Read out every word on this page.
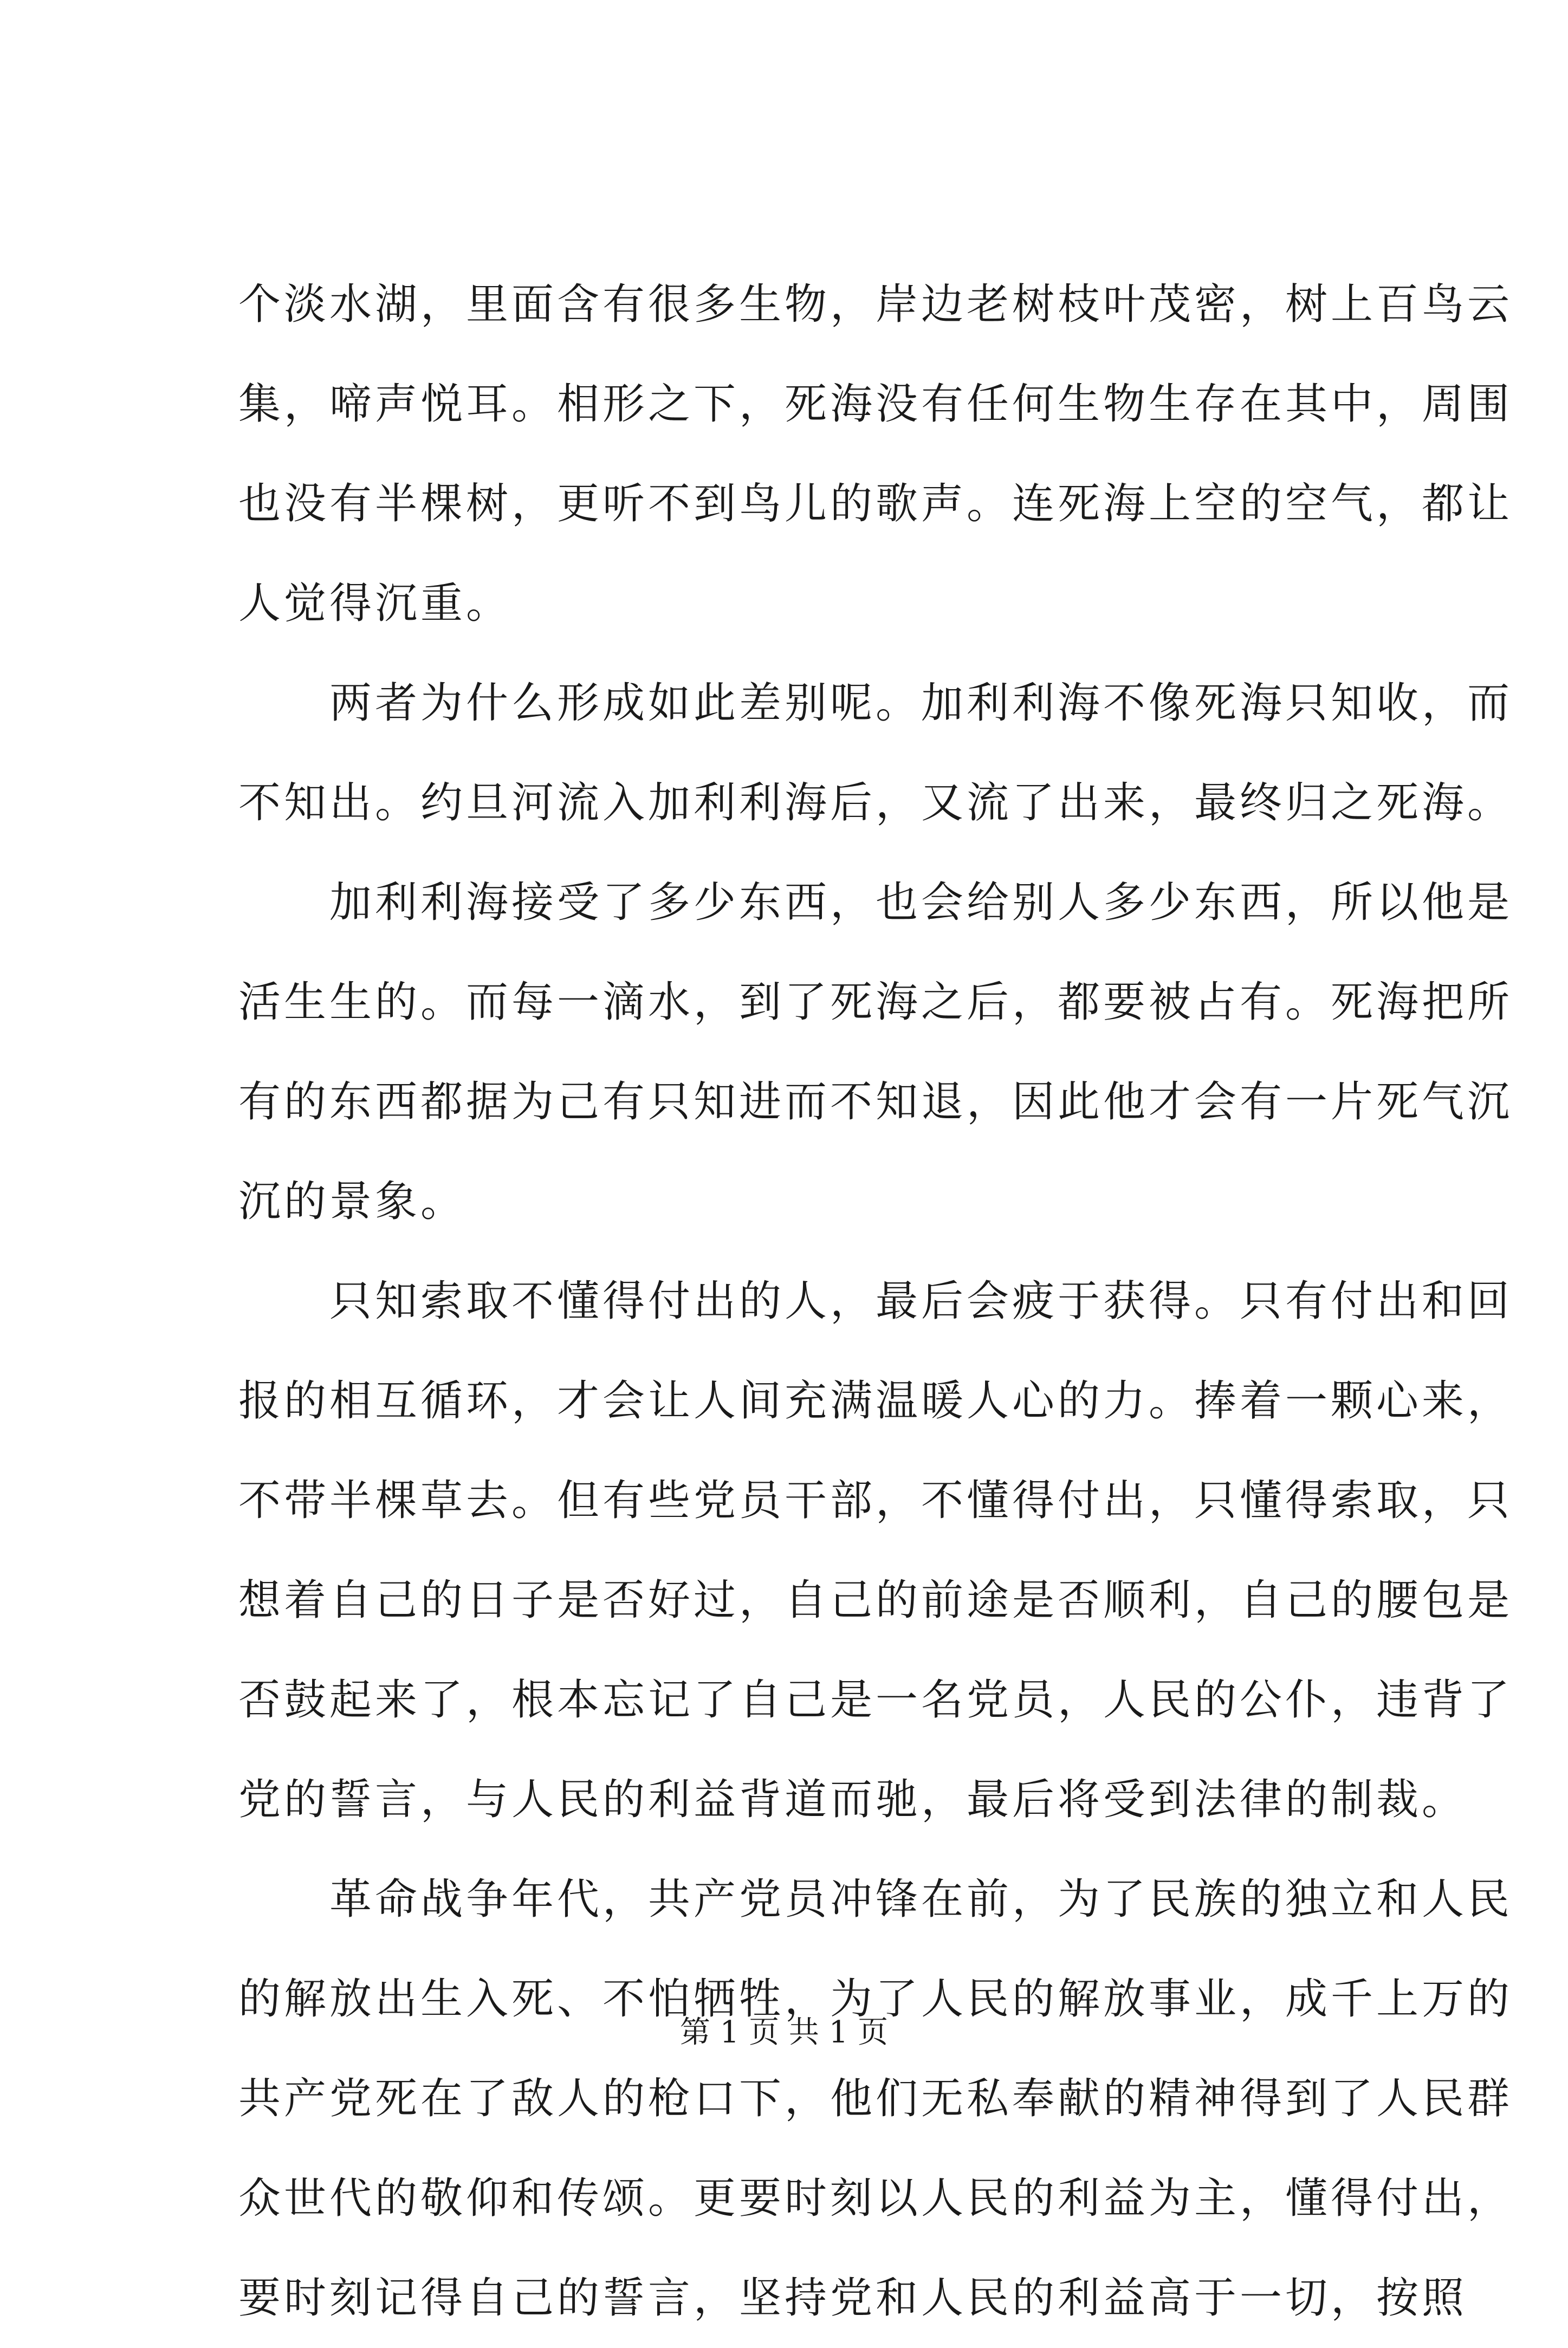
个淡水湖，里面含有很多生物，岸边老树枝叶茂密，树上百鸟云
集，啼声悦耳。相形之下，死海没有任何生物生存在其中，周围
也没有半棵树，更听不到鸟儿的歌声。连死海上空的空气，都让
人觉得沉重。
　　两者为什么形成如此差别呢。加利利海不像死海只知收，而
不知出。约旦河流入加利利海后，又流了出来，最终归之死海。
　　加利利海接受了多少东西，也会给别人多少东西，所以他是
活生生的。而每一滴水，到了死海之后，都要被占有。死海把所
有的东西都据为己有只知进而不知退，因此他才会有一片死气沉
沉的景象。
　　只知索取不懂得付出的人，最后会疲于获得。只有付出和回
报的相互循环，才会让人间充满温暖人心的力。捧着一颗心来，
不带半棵草去。但有些党员干部，不懂得付出，只懂得索取，只
想着自己的日子是否好过，自己的前途是否顺利，自己的腰包是
否鼓起来了，根本忘记了自己是一名党员，人民的公仆，违背了
党的誓言，与人民的利益背道而驰，最后将受到法律的制裁。
　　革命战争年代，共产党员冲锋在前，为了民族的独立和人民
的解放出生入死、不怕牺牲，为了人民的解放事业，成千上万的
共产党死在了敌人的枪口下，他们无私奉献的精神得到了人民群
众世代的敬仰和传颂。更要时刻以人民的利益为主，懂得付出，
要时刻记得自己的誓言，坚持党和人民的利益高于一切，按照
第 1 页 共 1 页
